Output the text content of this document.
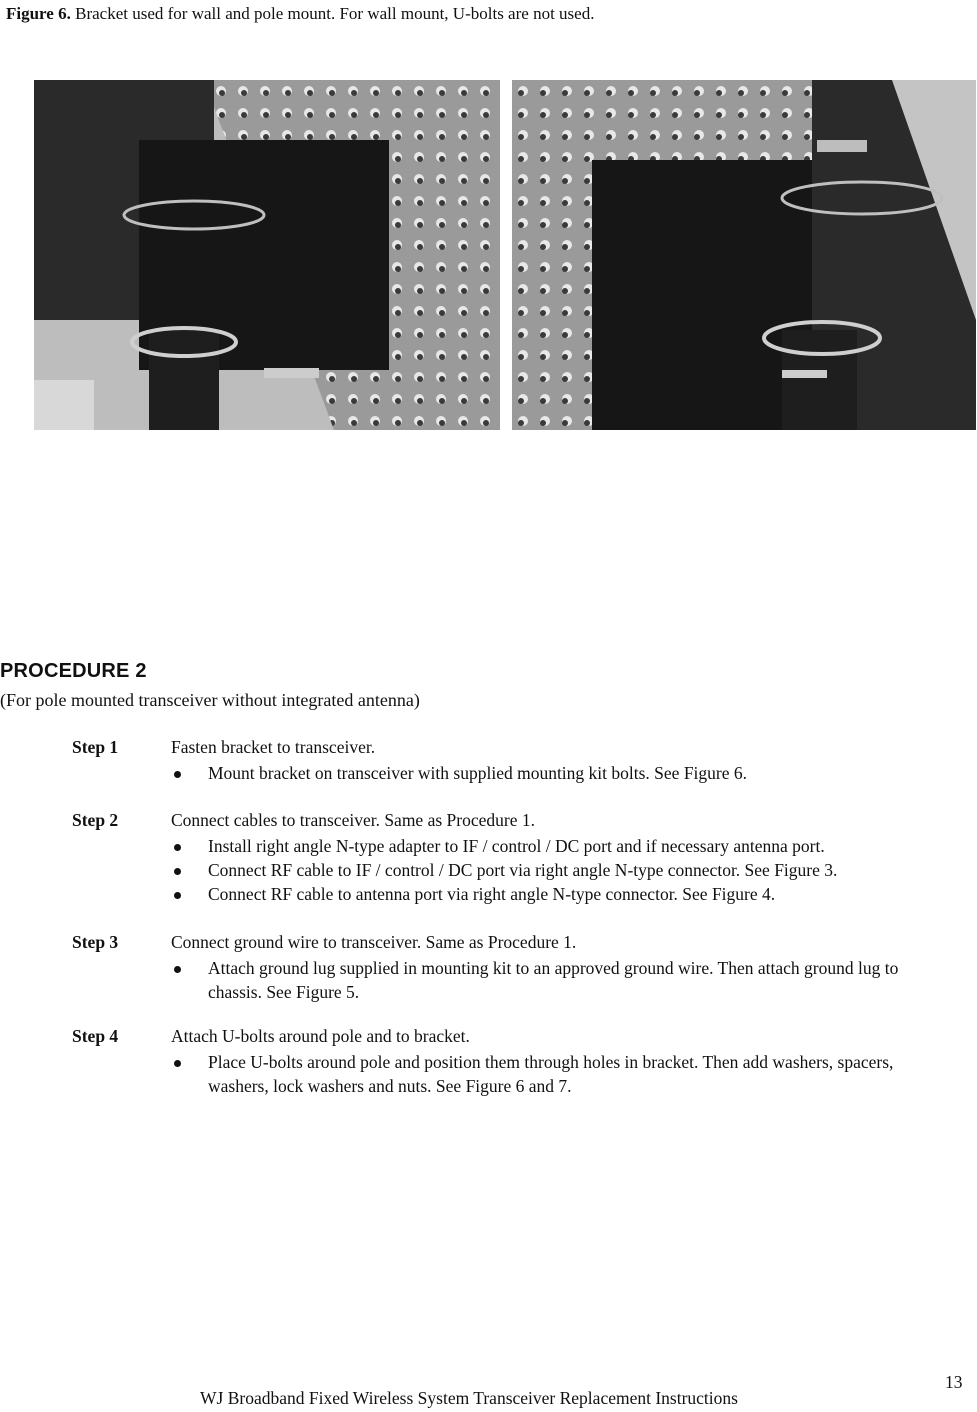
Figure 6. Bracket used for wall and pole mount. For wall mount, U-bolts are not used.
PROCEDURE 2
(For pole mounted transceiver without integrated antenna)
Step 1	Fasten bracket to transceiver.
Mount bracket on transceiver with supplied mounting kit bolts. See Figure 6.
Step 2	Connect cables to transceiver. Same as Procedure 1.
Install right angle N-type adapter to IF / control / DC port and if necessary antenna port.
Connect RF cable to IF / control / DC port via right angle N-type connector. See Figure 3.
Connect RF cable to antenna port via right angle N-type connector. See Figure 4.
Step 3	Connect ground wire to transceiver. Same as Procedure 1.
Attach ground lug supplied in mounting kit to an approved ground wire. Then attach ground lug to chassis. See Figure 5.
Step 4	Attach U-bolts around pole and to bracket.
Place U-bolts around pole and position them through holes in bracket. Then add washers, spacers, washers, lock washers and nuts. See Figure 6 and 7.
13
WJ Broadband Fixed Wireless System Transceiver Replacement Instructions
